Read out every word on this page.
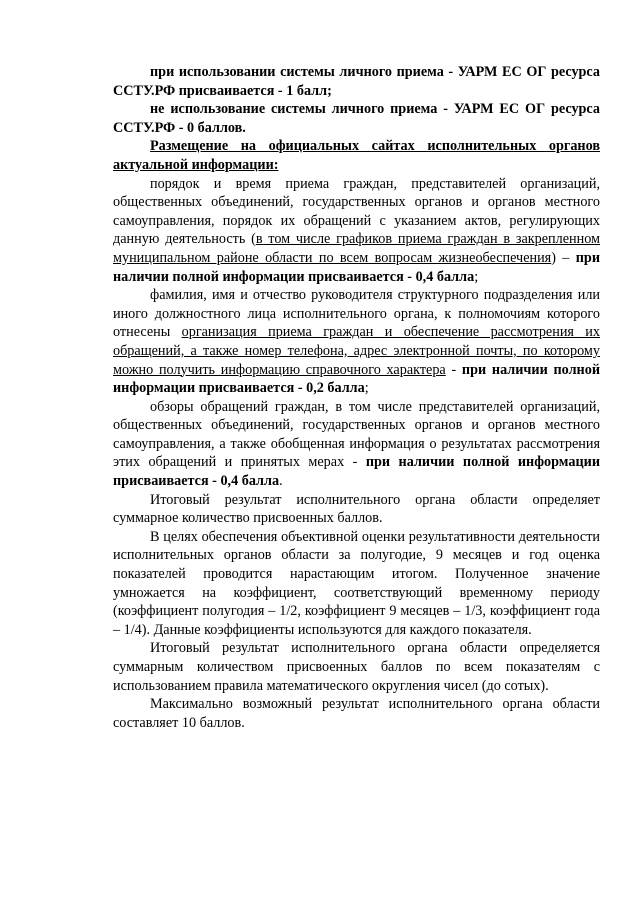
при использовании системы личного приема - УАРМ ЕС ОГ ресурса ССТУ.РФ присваивается - 1 балл;

не использование системы личного приема - УАРМ ЕС ОГ ресурса ССТУ.РФ - 0 баллов.

Размещение на официальных сайтах исполнительных органов актуальной информации:

порядок и время приема граждан, представителей организаций, общественных объединений, государственных органов и органов местного самоуправления, порядок их обращений с указанием актов, регулирующих данную деятельность (в том числе графиков приема граждан в закрепленном муниципальном районе области по всем вопросам жизнеобеспечения) – при наличии полной информации присваивается - 0,4 балла;

фамилия, имя и отчество руководителя структурного подразделения или иного должностного лица исполнительного органа, к полномочиям которого отнесены организация приема граждан и обеспечение рассмотрения их обращений, а также номер телефона, адрес электронной почты, по которому можно получить информацию справочного характера - при наличии полной информации присваивается - 0,2 балла;

обзоры обращений граждан, в том числе представителей организаций, общественных объединений, государственных органов и органов местного самоуправления, а также обобщенная информация о результатах рассмотрения этих обращений и принятых мерах - при наличии полной информации присваивается - 0,4 балла.

Итоговый результат исполнительного органа области определяет суммарное количество присвоенных баллов.

В целях обеспечения объективной оценки результативности деятельности исполнительных органов области за полугодие, 9 месяцев и год оценка показателей проводится нарастающим итогом. Полученное значение умножается на коэффициент, соответствующий временному периоду (коэффициент полугодия – 1/2, коэффициент 9 месяцев – 1/3, коэффициент года – 1/4). Данные коэффициенты используются для каждого показателя.

Итоговый результат исполнительного органа области определяется суммарным количеством присвоенных баллов по всем показателям с использованием правила математического округления чисел (до сотых).

Максимально возможный результат исполнительного органа области составляет 10 баллов.
